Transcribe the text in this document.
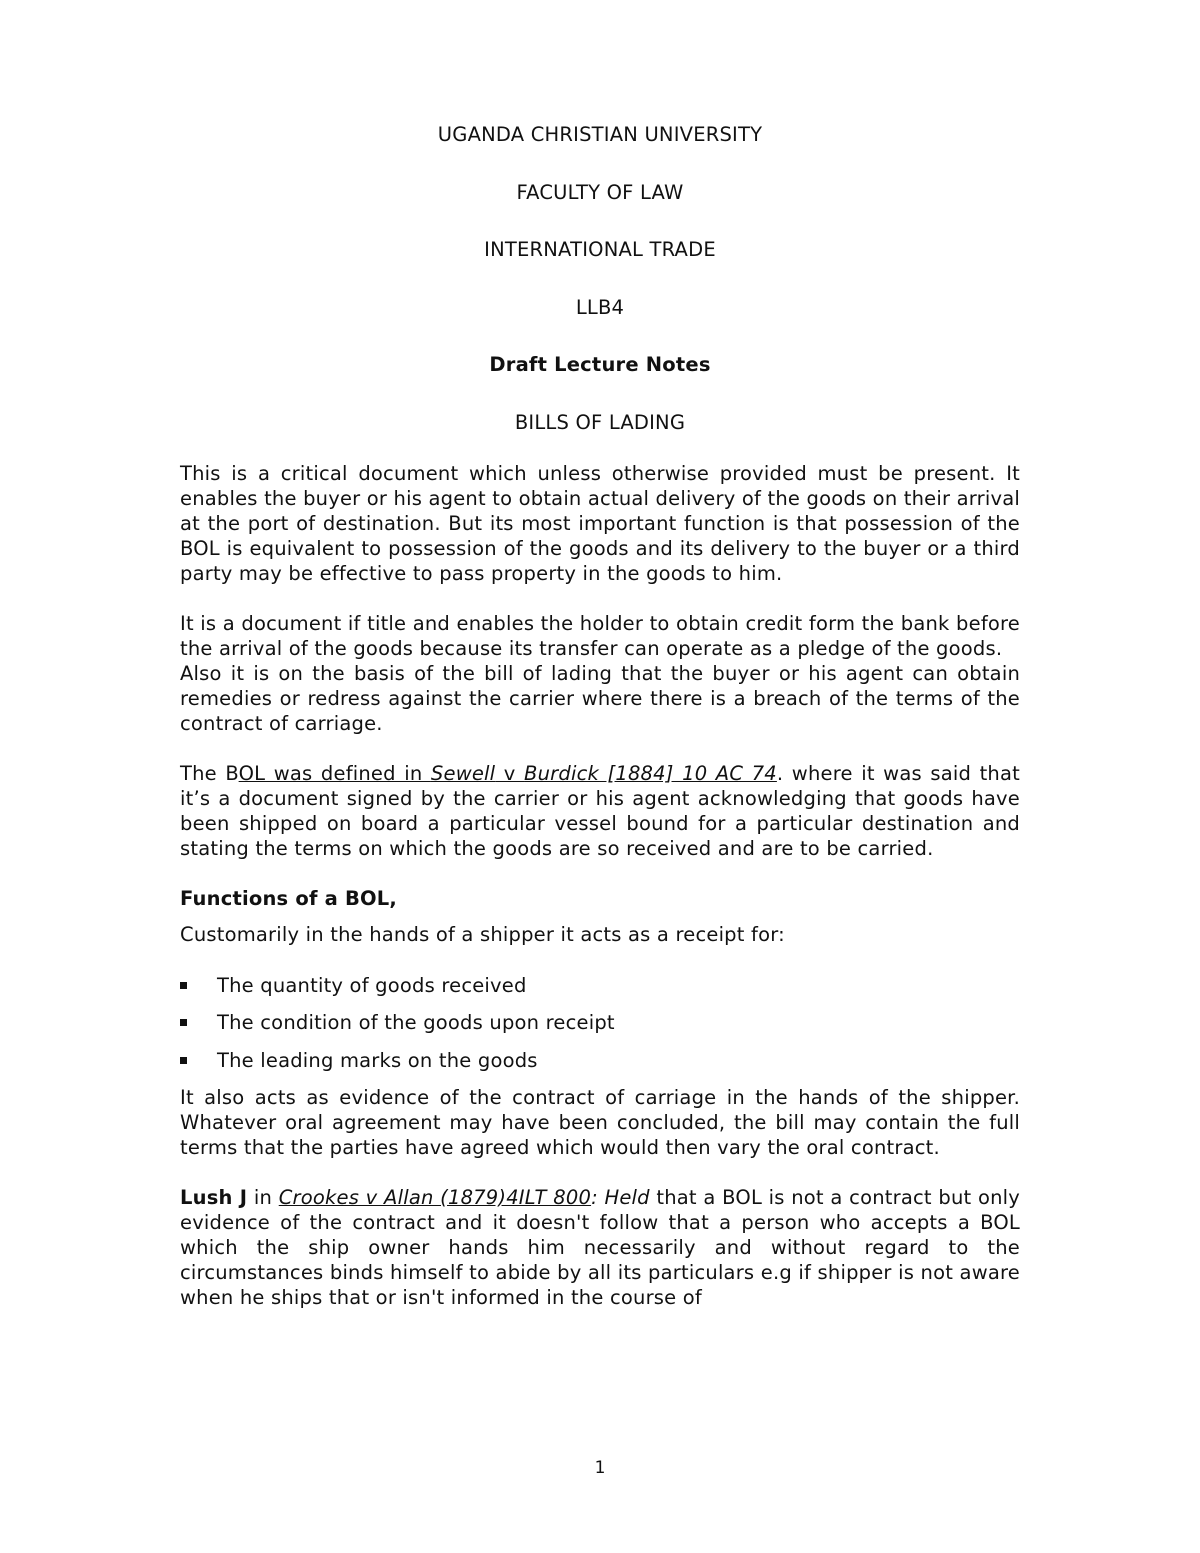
UGANDA CHRISTIAN UNIVERSITY
FACULTY OF LAW
INTERNATIONAL TRADE
LLB4
Draft Lecture Notes
BILLS OF LADING

This is a critical document which unless otherwise provided must be present. It enables the buyer or his agent to obtain actual delivery of the goods on their arrival at the port of destination. But its most important function is that possession of the BOL is equivalent to possession of the goods and its delivery to the buyer or a third party may be effective to pass property in the goods to him.

It is a document if title and enables the holder to obtain credit form the bank before the arrival of the goods because its transfer can operate as a pledge of the goods.

Also it is on the basis of the bill of lading that the buyer or his agent can obtain remedies or redress against the carrier where there is a breach of the terms of the contract of carriage.

The BOL was defined in Sewell v Burdick [1884] 10 AC 74. where it was said that it’s a document signed by the carrier or his agent acknowledging that goods have been shipped on board a particular vessel bound for a particular destination and stating the terms on which the goods are so received and are to be carried.

Functions of a BOL,

Customarily in the hands of a shipper it acts as a receipt for:

The quantity of goods received
The condition of the goods upon receipt
The leading marks on the goods

It also acts as evidence of the contract of carriage in the hands of the shipper. Whatever oral agreement may have been concluded, the bill may contain the full terms that the parties have agreed which would then vary the oral contract.

Lush J in Crookes v Allan (1879)4ILT 800: Held that a BOL is not a contract but only evidence of the contract and it doesn't follow that a person who accepts a BOL which the ship owner hands him necessarily and without regard to the circumstances binds himself to abide by all its particulars e.g if shipper is not aware when he ships that or isn't informed in the course of

1
